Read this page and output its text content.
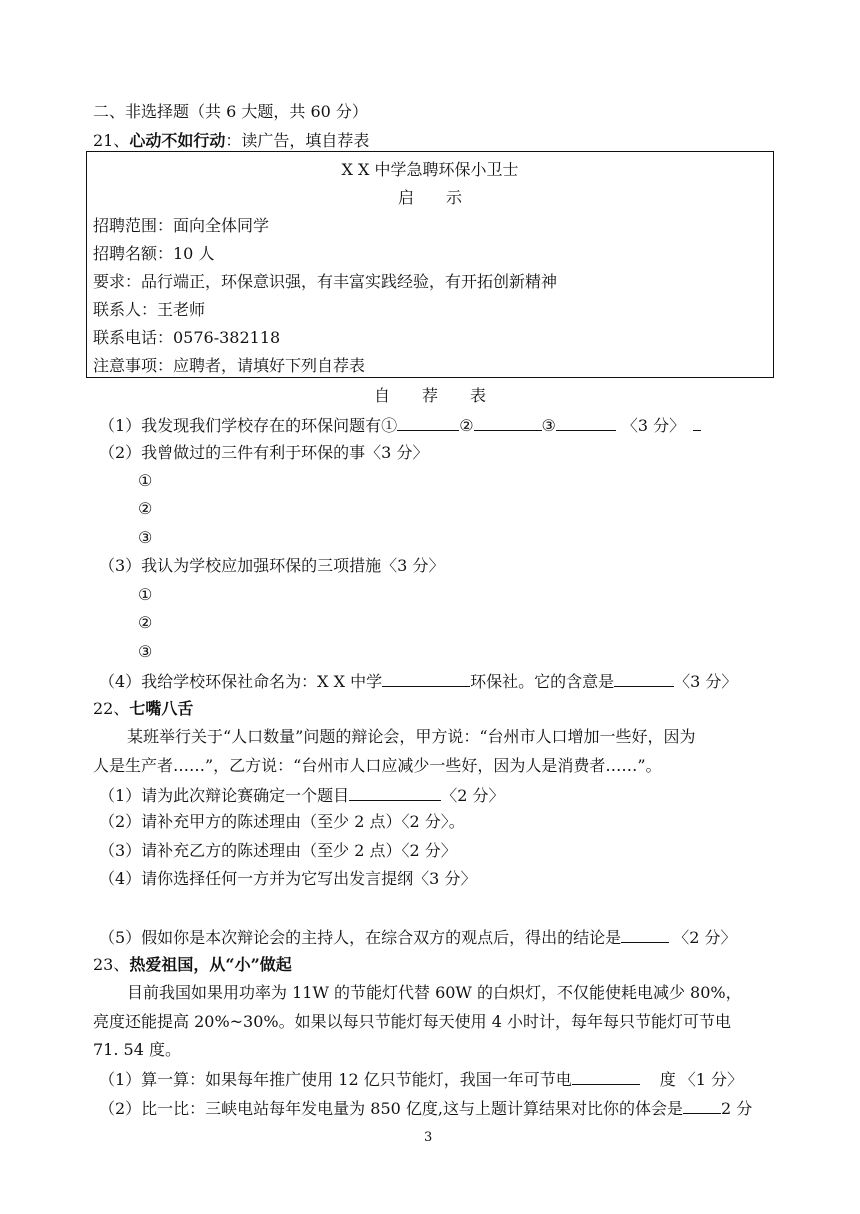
二、非选择题（共 6 大题，共 60 分）
21、心动不如行动：读广告，填自荐表
X X 中学急聘环保小卫士
启　　示
招聘范围：面向全体同学
招聘名额：10 人
要求：品行端正，环保意识强，有丰富实践经验，有开拓创新精神
联系人：王老师
联系电话：0576-382118
注意事项：应聘者，请填好下列自荐表
自　　荐　　表
（1）我发现我们学校存在的环保问题有①	②	③	〈3 分〉
（2）我曾做过的三件有利于环保的事〈3 分〉
①
②
③
（3）我认为学校应加强环保的三项措施〈3 分〉
①
②
③
（4）我给学校环保社命名为：X X 中学	环保社。它的含意是	〈3 分〉
22、七嘴八舌
某班举行关于“人口数量”问题的辩论会，甲方说：“台州市人口增加一些好，因为
人是生产者……”，乙方说：“台州市人口应减少一些好，因为人是消费者……”。
（1）请为此次辩论赛确定一个题目	〈2 分〉
（2）请补充甲方的陈述理由（至少 2 点）〈2 分〉。
（3）请补充乙方的陈述理由（至少 2 点）〈2 分〉
（4）请你选择任何一方并为它写出发言提纲〈3 分〉
（5）假如你是本次辩论会的主持人，在综合双方的观点后，得出的结论是	〈2 分〉
23、热爱祖国，从“小”做起
目前我国如果用功率为 11W 的节能灯代替 60W 的白炽灯，不仅能使耗电减少 80%，
亮度还能提高 20%~30%。如果以每只节能灯每天使用 4 小时计，每年每只节能灯可节电
71. 54 度。
（1）算一算：如果每年推广使用 12 亿只节能灯，我国一年可节电	度 〈1 分〉
（2）比一比：三峡电站每年发电量为 850 亿度,这与上题计算结果对比你的体会是 2 分
3
